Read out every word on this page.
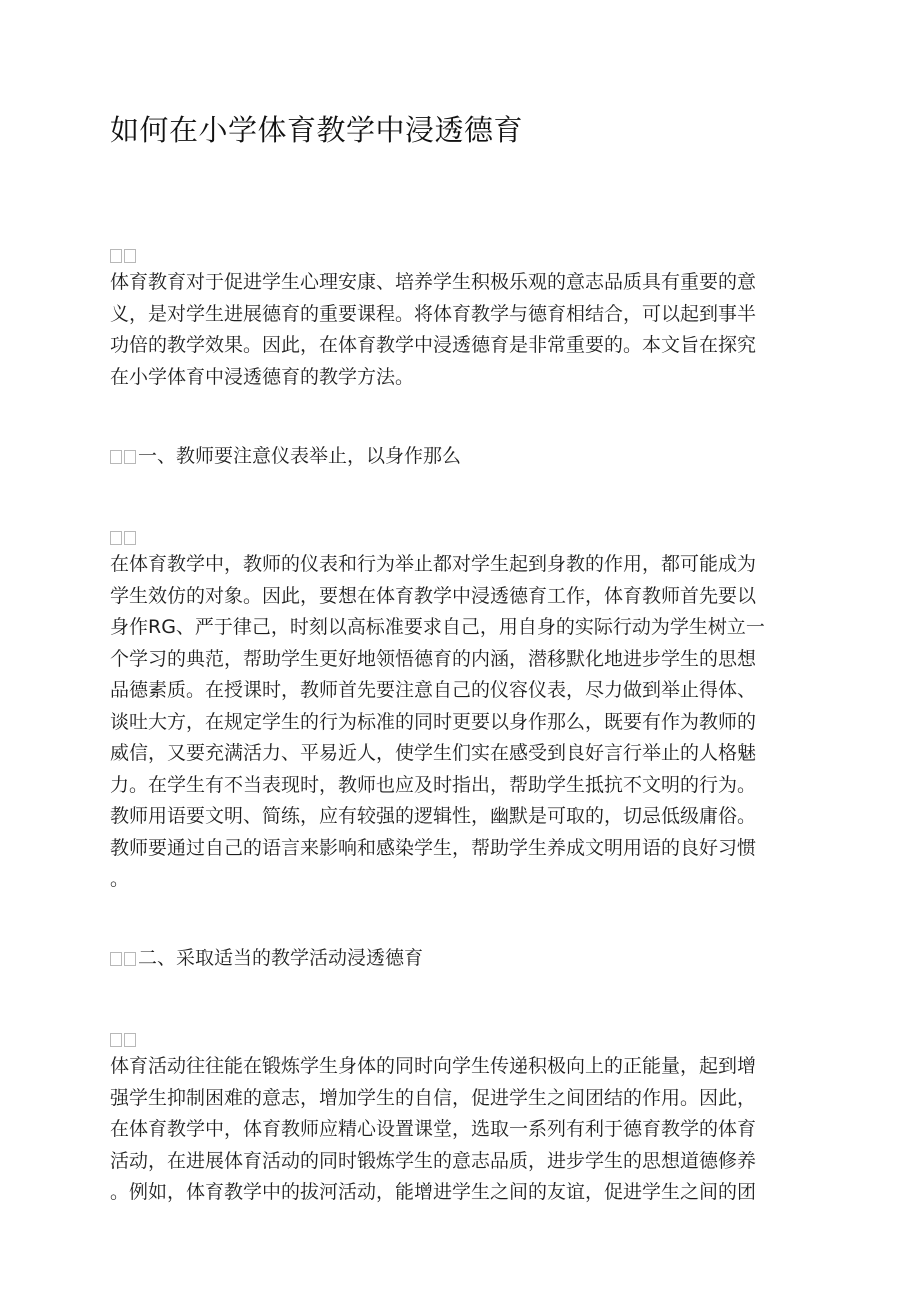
如何在小学体育教学中浸透德育
体育教育对于促进学生心理安康、培养学生积极乐观的意志品质具有重要的意
义，是对学生进展德育的重要课程。将体育教学与德育相结合，可以起到事半
功倍的教学效果。因此，在体育教学中浸透德育是非常重要的。本文旨在探究
在小学体育中浸透德育的教学方法。
一、教师要注意仪表举止，以身作那么
在体育教学中，教师的仪表和行为举止都对学生起到身教的作用，都可能成为
学生效仿的对象。因此，要想在体育教学中浸透德育工作，体育教师首先要以
身作RG、严于律己，时刻以高标准要求自己，用自身的实际行动为学生树立一
个学习的典范，帮助学生更好地领悟德育的内涵，潜移默化地进步学生的思想
品德素质。在授课时，教师首先要注意自己的仪容仪表，尽力做到举止得体、
谈吐大方，在规定学生的行为标准的同时更要以身作那么，既要有作为教师的
威信，又要充满活力、平易近人，使学生们实在感受到良好言行举止的人格魅
力。在学生有不当表现时，教师也应及时指出，帮助学生抵抗不文明的行为。
教师用语要文明、简练，应有较强的逻辑性，幽默是可取的，切忌低级庸俗。
教师要通过自己的语言来影响和感染学生，帮助学生养成文明用语的良好习惯
。
二、采取适当的教学活动浸透德育
体育活动往往能在锻炼学生身体的同时向学生传递积极向上的正能量，起到增
强学生抑制困难的意志，增加学生的自信，促进学生之间团结的作用。因此，
在体育教学中，体育教师应精心设置课堂，选取一系列有利于德育教学的体育
活动，在进展体育活动的同时锻炼学生的意志品质，进步学生的思想道德修养
。例如，体育教学中的拔河活动，能增进学生之间的友谊，促进学生之间的团
